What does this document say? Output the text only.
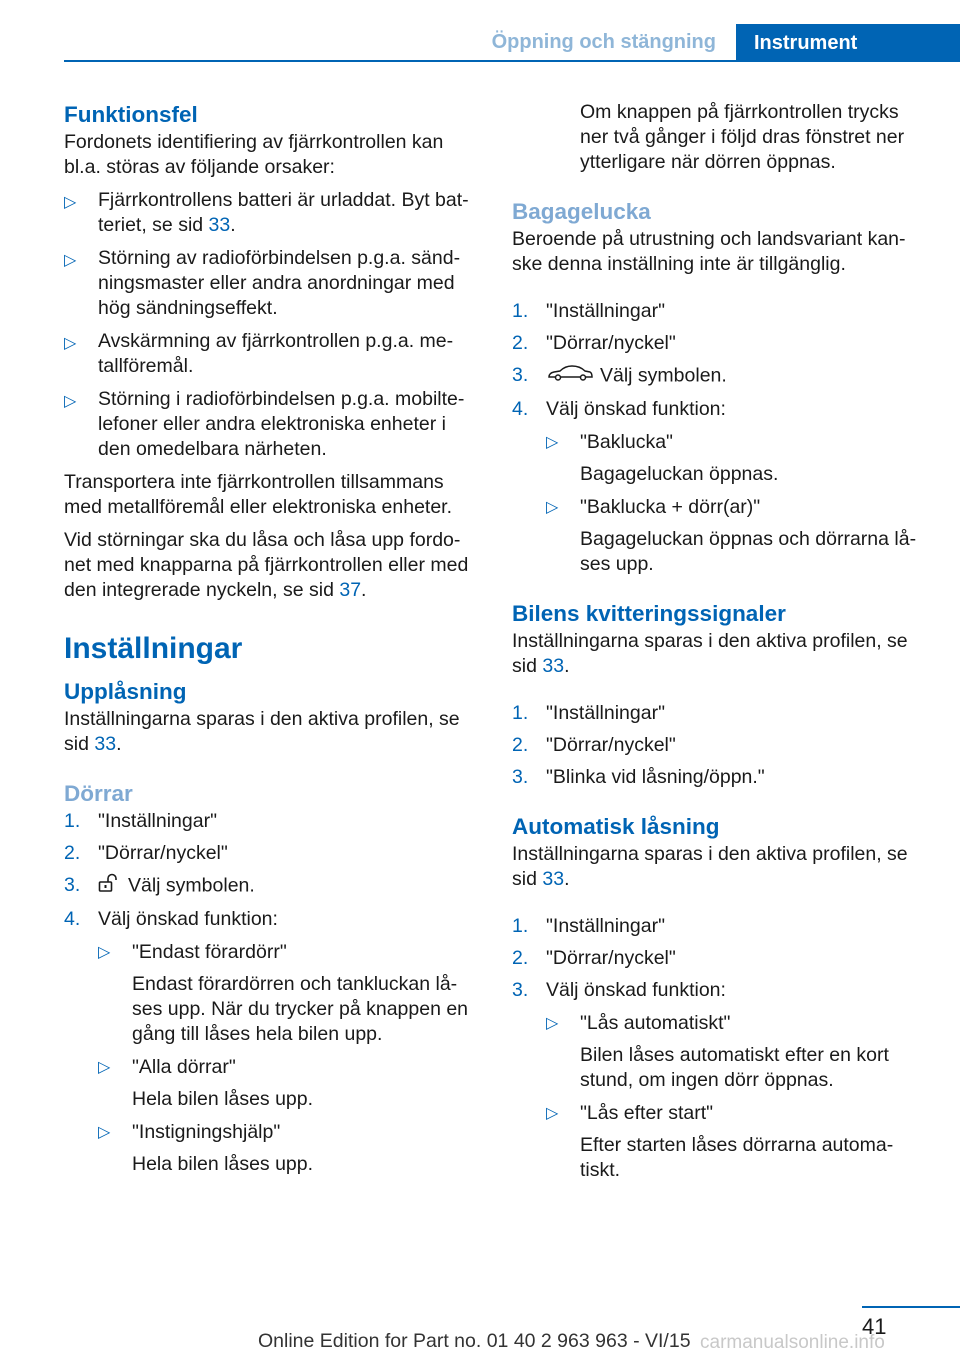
Öppning och stängning	Instrument
Funktionsfel

Fordonets identifiering av fjärrkontrollen kan bl.a. störas av följande orsaker:

▷ Fjärrkontrollens batteri är urladdat. Byt bat-teriet, se sid 33.
▷ Störning av radioförbindelsen p.g.a. sänd-ningsmaster eller andra anordningar med hög sändningseffekt.
▷ Avskärmning av fjärrkontrollen p.g.a. me-tallföremål.
▷ Störning i radioförbindelsen p.g.a. mobilte-lefoner eller andra elektroniska enheter i den omedelbara närheten.

Transportera inte fjärrkontrollen tillsammans med metallföremål eller elektroniska enheter.

Vid störningar ska du låsa och låsa upp fordo-net med knapparna på fjärrkontrollen eller med den integrerade nyckeln, se sid 37.

Inställningar
Upplåsning

Inställningarna sparas i den aktiva profilen, se sid 33.

Dörrar
1. "Inställningar"
2. "Dörrar/nyckel"
3. Välj symbolen.
4. Välj önskad funktion:
▷ "Endast förardörr"
Endast förardörren och tankluckan lå-ses upp. När du trycker på knappen en gång till låses hela bilen upp.
▷ "Alla dörrar"
Hela bilen låses upp.
▷ "Instigningshjälp"
Hela bilen låses upp.

Om knappen på fjärrkontrollen trycks ner två gånger i följd dras fönstret ner ytterligare när dörren öppnas.

Bagagelucka

Beroende på utrustning och landsvariant kan-ske denna inställning inte är tillgänglig.

1. "Inställningar"
2. "Dörrar/nyckel"
3.	Välj symbolen.
4. Välj önskad funktion:
▷ "Baklucka"
Bagageluckan öppnas.
▷ "Baklucka + dörr(ar)"
Bagageluckan öppnas och dörrarna lå-ses upp.
Bilens kvitteringssignaler

Inställningarna sparas i den aktiva profilen, se sid 33.

1. "Inställningar"
2. "Dörrar/nyckel"
3. "Blinka vid låsning/öppn."
Automatisk låsning

Inställningarna sparas i den aktiva profilen, se sid 33.

1. "Inställningar"
2. "Dörrar/nyckel"
3. Välj önskad funktion:
▷ "Lås automatiskt"
Bilen låses automatiskt efter en kort stund, om ingen dörr öppnas.
▷ "Lås efter start"
Efter starten låses dörrarna automa-tiskt.
41
Online Edition for Part no. 01 40 2 963 963 - VI/15 carmanualsonline.info
